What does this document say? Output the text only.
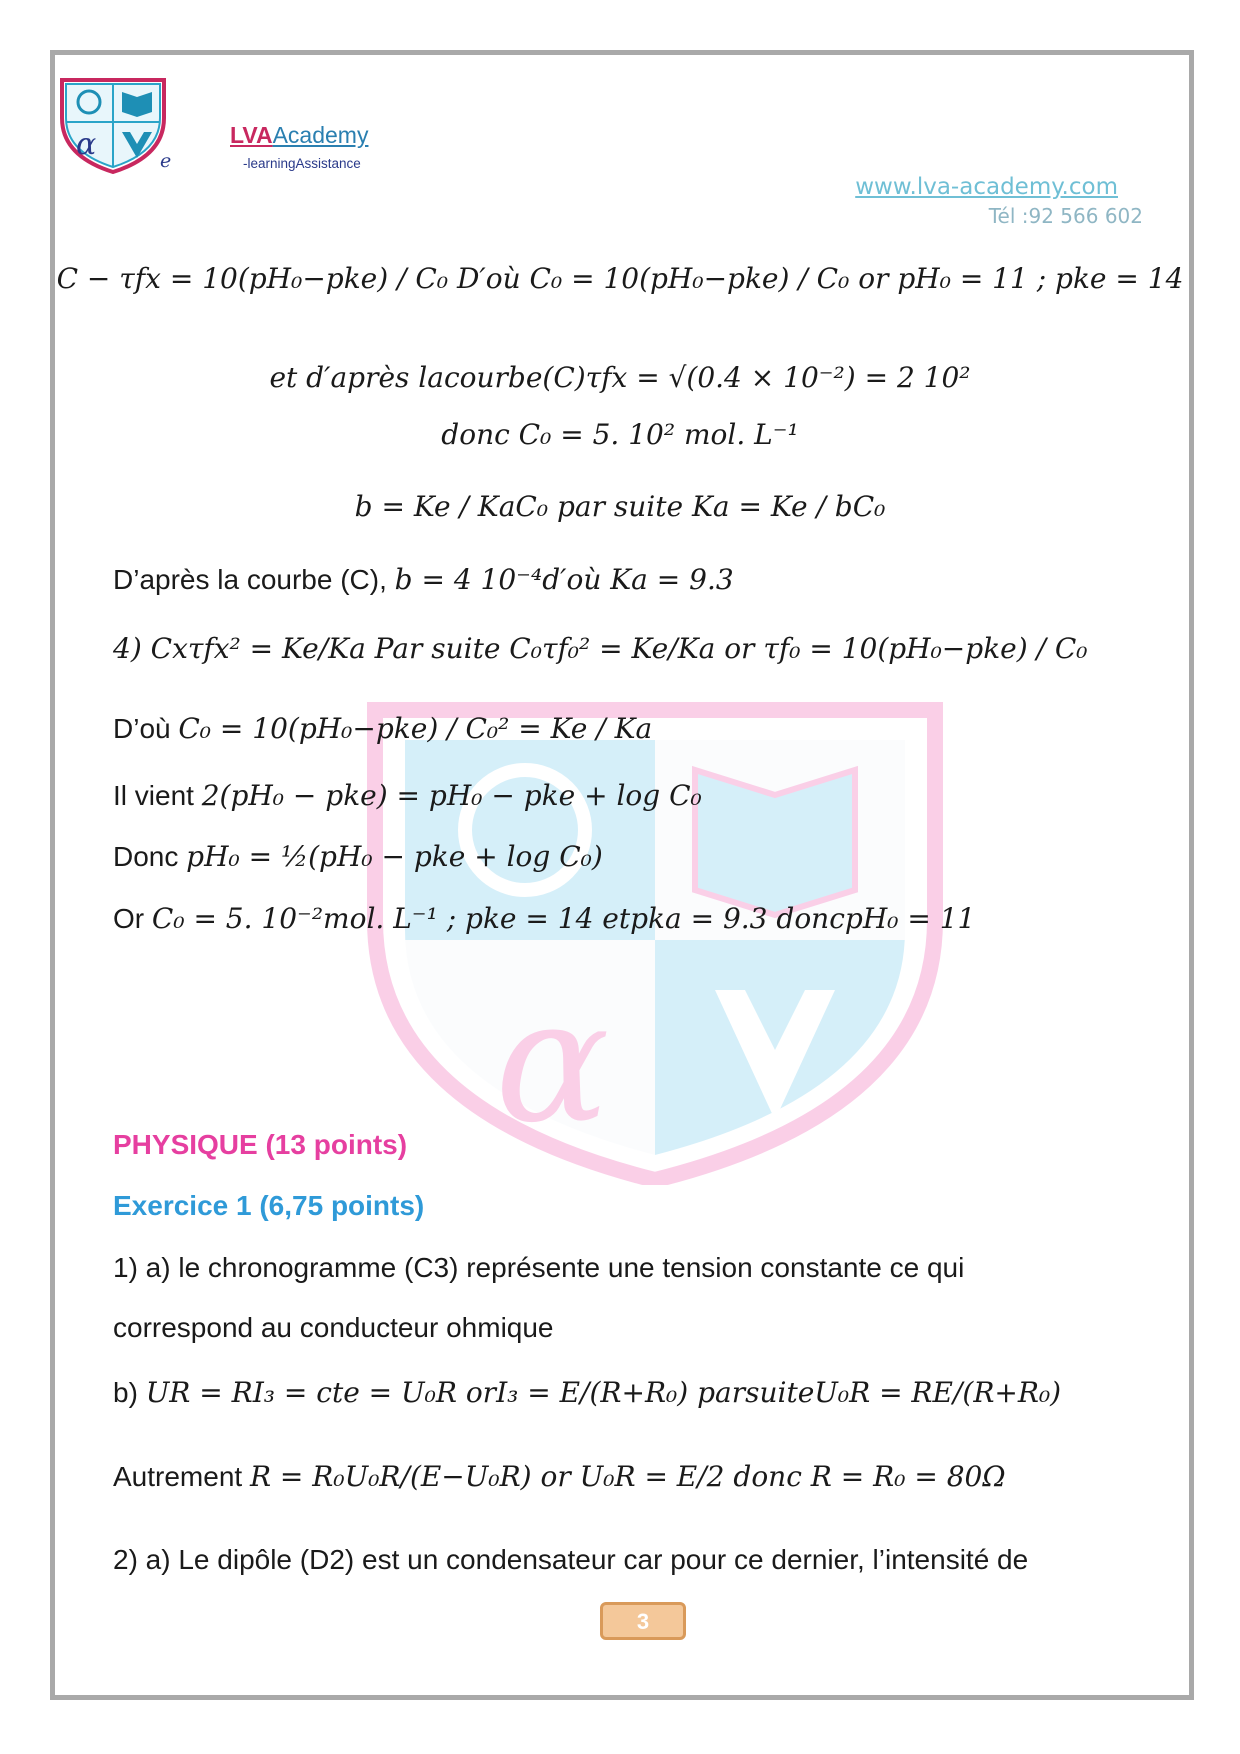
α	e
LVAAcademy
-learningAssistance
www.lva-academy.com
Tél :92 566 602
α
C − τfx = 10(pH₀−pke) / C₀ D′où C₀ = 10(pH₀−pke) / C₀ or pH₀ = 11 ; pke = 14
et d′après lacourbe(C)τfx = √(0.4 × 10⁻²) = 2 10²
donc C₀ = 5. 10² mol. L⁻¹
b = Ke / KaC₀ par suite Ka = Ke / bC₀
D’après la courbe (C), b = 4 10⁻⁴d′où Ka = 9.3
4) Cxτfx² = Ke/Ka Par suite C₀τf₀² = Ke/Ka or τf₀ = 10(pH₀−pke) / C₀
D’où C₀ = 10(pH₀−pke) / C₀² = Ke / Ka
Il vient 2(pH₀ − pke) = pH₀ − pke + log C₀
Donc pH₀ = ½(pH₀ − pke + log C₀)
Or C₀ = 5. 10⁻²mol. L⁻¹ ; pke = 14 etpka = 9.3 doncpH₀ = 11
PHYSIQUE (13 points)
Exercice 1 (6,75 points)
1) a) le chronogramme (C3) représente une tension constante ce qui
correspond au conducteur ohmique
b) UR = RI₃ = cte = U₀R orI₃ = E/(R+R₀) parsuiteU₀R = RE/(R+R₀)
Autrement R = R₀U₀R/(E−U₀R) or U₀R = E/2 donc R = R₀ = 80Ω
2) a) Le dipôle (D2) est un condensateur car pour ce dernier, l’intensité de
3
